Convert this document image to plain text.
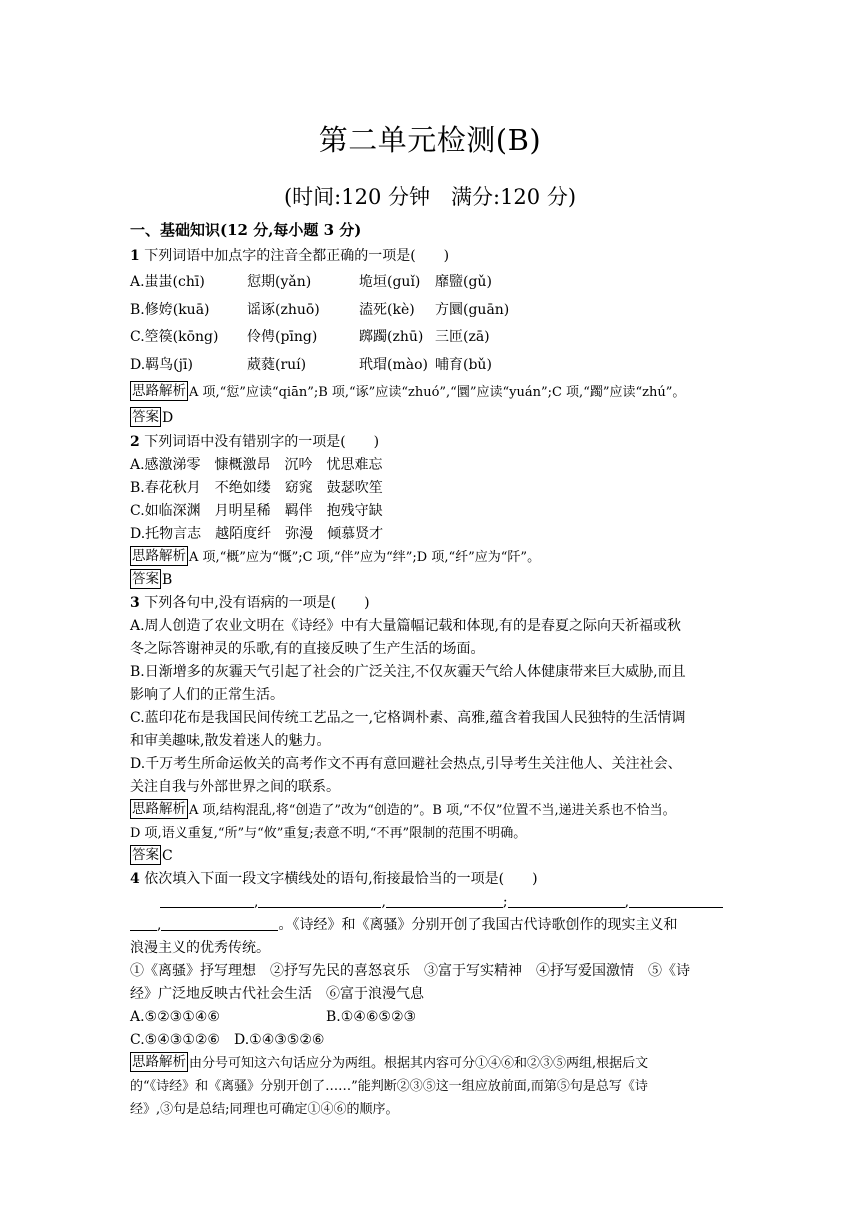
第二单元检测(B)
(时间:120 分钟　满分:120 分)
一、基础知识(12 分,每小题 3 分)
1 下列词语中加点字的注音全都正确的一项是(　　)
A.蚩蚩(chī)	愆期(yǎn)	垝垣(guǐ) 靡盬(gǔ)
B.修姱(kuā)	谣诼(zhuō)	溘死(kè) 方圜(guān)
C.箜篌(kōng) 伶俜(pīng)	踯躅(zhū) 三匝(zā)
D.羁鸟(jī)	葳蕤(ruí)	玳瑁(mào) 哺育(bǔ)
思路解析 A 项,“愆”应读“qiān”;B 项,“诼”应读“zhuó”,“圜”应读“yuán”;C 项,“躅”应读“zhú”。
答案 D
2 下列词语中没有错别字的一项是(　　)
A.感激涕零　慷概激昂　沉吟　忧思难忘
B.春花秋月　不绝如缕　窈窕　鼓瑟吹笙
C.如临深渊　月明星稀　羁伴　抱残守缺
D.托物言志　越陌度纤　弥漫　倾慕贤才
思路解析 A 项,“概”应为“慨”;C 项,“伴”应为“绊”;D 项,“纤”应为“阡”。
答案 B
3 下列各句中,没有语病的一项是(　　)
A.周人创造了农业文明在《诗经》中有大量篇幅记载和体现,有的是春夏之际向天祈福或秋
冬之际答谢神灵的乐歌,有的直接反映了生产生活的场面。
B.日渐增多的灰霾天气引起了社会的广泛关注,不仅灰霾天气给人体健康带来巨大威胁,而且
影响了人们的正常生活。
C.蓝印花布是我国民间传统工艺品之一,它格调朴素、高雅,蕴含着我国人民独特的生活情调
和审美趣味,散发着迷人的魅力。
D.千万考生所命运攸关的高考作文不再有意回避社会热点,引导考生关注他人、关注社会、
关注自我与外部世界之间的联系。
思路解析 A 项,结构混乱,将“创造了”改为“创造的”。B 项,“不仅”位置不当,递进关系也不恰当。
D 项,语义重复,“所”与“攸”重复;表意不明,“不再”限制的范围不明确。
答案 C
4 依次填入下面一段文字横线处的语句,衔接最恰当的一项是(　　)
,	,	;	,
,	。《诗经》和《离骚》分别开创了我国古代诗歌创作的现实主义和
浪漫主义的优秀传统。
①《离骚》抒写理想　②抒写先民的喜怒哀乐　③富于写实精神　④抒写爱国激情　⑤《诗
经》广泛地反映古代社会生活　⑥富于浪漫气息
A.⑤②③①④⑥	B.①④⑥⑤②③
C.⑤④③①②⑥　D.①④③⑤②⑥
思路解析 由分号可知这六句话应分为两组。根据其内容可分①④⑥和②③⑤两组,根据后文
的“《诗经》和《离骚》分别开创了……”能判断②③⑤这一组应放前面,而第⑤句是总写《诗
经》,③句是总结;同理也可确定①④⑥的顺序。
